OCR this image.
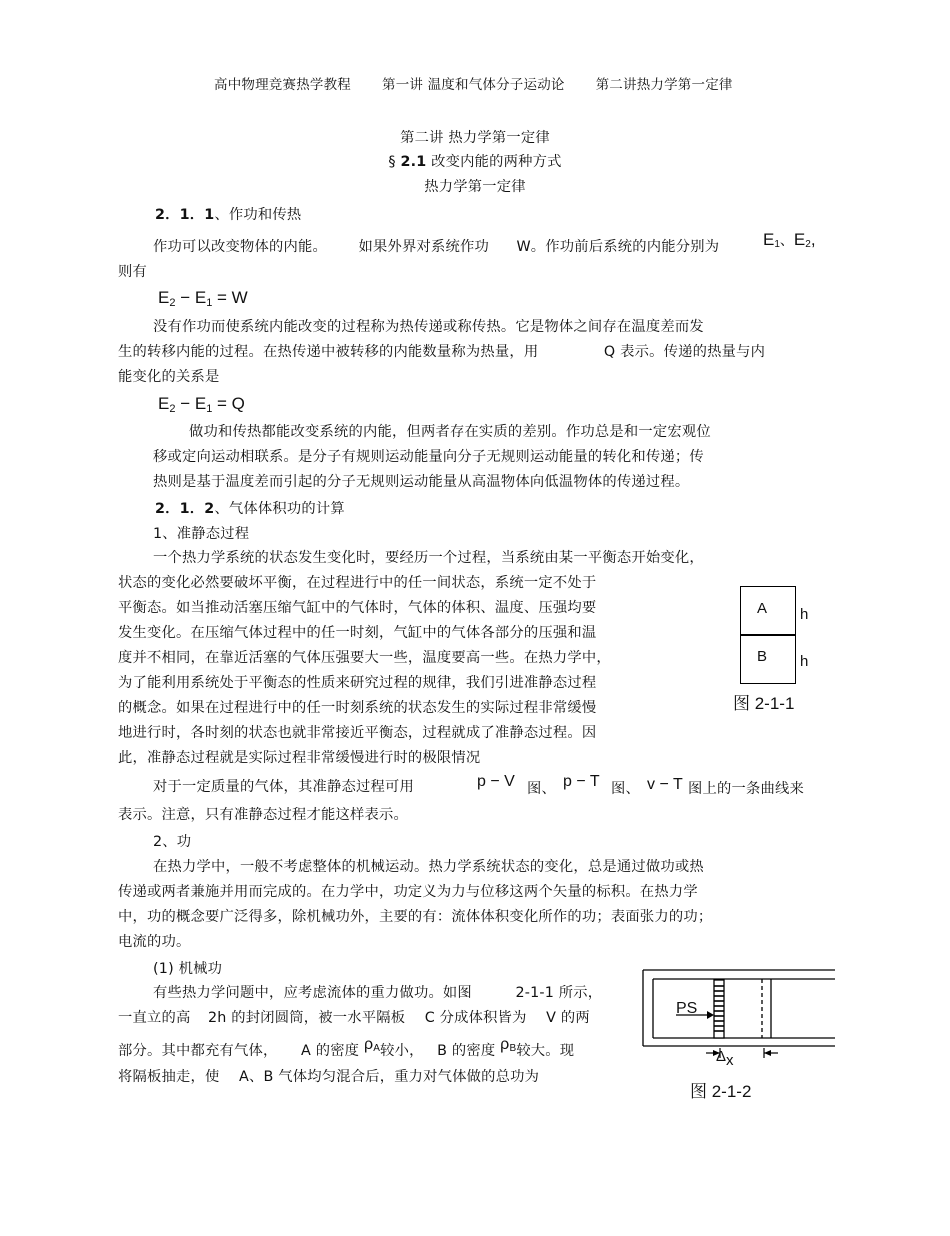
高中物理竞赛热学教程 第一讲 温度和气体分子运动论 第二讲热力学第一定律
第二讲 热力学第一定律
§ 2.1 改变内能的两种方式
热力学第一定律
2．1．1、作功和传热
作功可以改变物体的内能。 如果外界对系统作功 W。作功前后系统的内能分别为	$E_1$、$E_2$,
则有
$E_2 - E_1 = W$
没有作功而使系统内能改变的过程称为热传递或称传热。它是物体之间存在温度差而发
生的转移内能的过程。在热传递中被转移的内能数量称为热量，用	Q 表示。传递的热量与内
能变化的关系是
$E_2 - E_1 = Q$
做功和传热都能改变系统的内能，但两者存在实质的差别。作功总是和一定宏观位
移或定向运动相联系。是分子有规则运动能量向分子无规则运动能量的转化和传递；传
热则是基于温度差而引起的分子无规则运动能量从高温物体向低温物体的传递过程。
2．1．2、气体体积功的计算
1、准静态过程
一个热力学系统的状态发生变化时，要经历一个过程，当系统由某一平衡态开始变化，
状态的变化必然要破坏平衡，在过程进行中的任一间状态，系统一定不处于
平衡态。如当推动活塞压缩气缸中的气体时，气体的体积、温度、压强均要
发生变化。在压缩气体过程中的任一时刻，气缸中的气体各部分的压强和温
度并不相同，在靠近活塞的气体压强要大一些，温度要高一些。在热力学中，
为了能利用系统处于平衡态的性质来研究过程的规律，我们引进准静态过程
的概念。如果在过程进行中的任一时刻系统的状态发生的实际过程非常缓慢
地进行时，各时刻的状态也就非常接近平衡态，过程就成了准静态过程。因
此，准静态过程就是实际过程非常缓慢进行时的极限情况
A
B
h
h
图 2-1-1
对于一定质量的气体，其准静态过程可用	p − V 图、 p − T 图、 v − T 图上的一条曲线来
表示。注意，只有准静态过程才能这样表示。
2、功
在热力学中，一般不考虑整体的机械运动。热力学系统状态的变化，总是通过做功或热
传递或两者兼施并用而完成的。在力学中，功定义为力与位移这两个矢量的标积。在热力学
中，功的概念要广泛得多，除机械功外，主要的有：流体体积变化所作的功；表面张力的功；
电流的功。
(1) 机械功
有些热力学问题中，应考虑流体的重力做功。如图	2-1-1 所示，
一直立的高 2h 的封闭圆筒，被一水平隔板 C 分成体积皆为 V 的两
部分。其中都充有气体， A 的密度 $\rho_A$较小， B 的密度 $\rho_B$较大。现
将隔板抽走，使 A、B 气体均匀混合后，重力对气体做的总功为
PS
Δx
图 2-1-2
